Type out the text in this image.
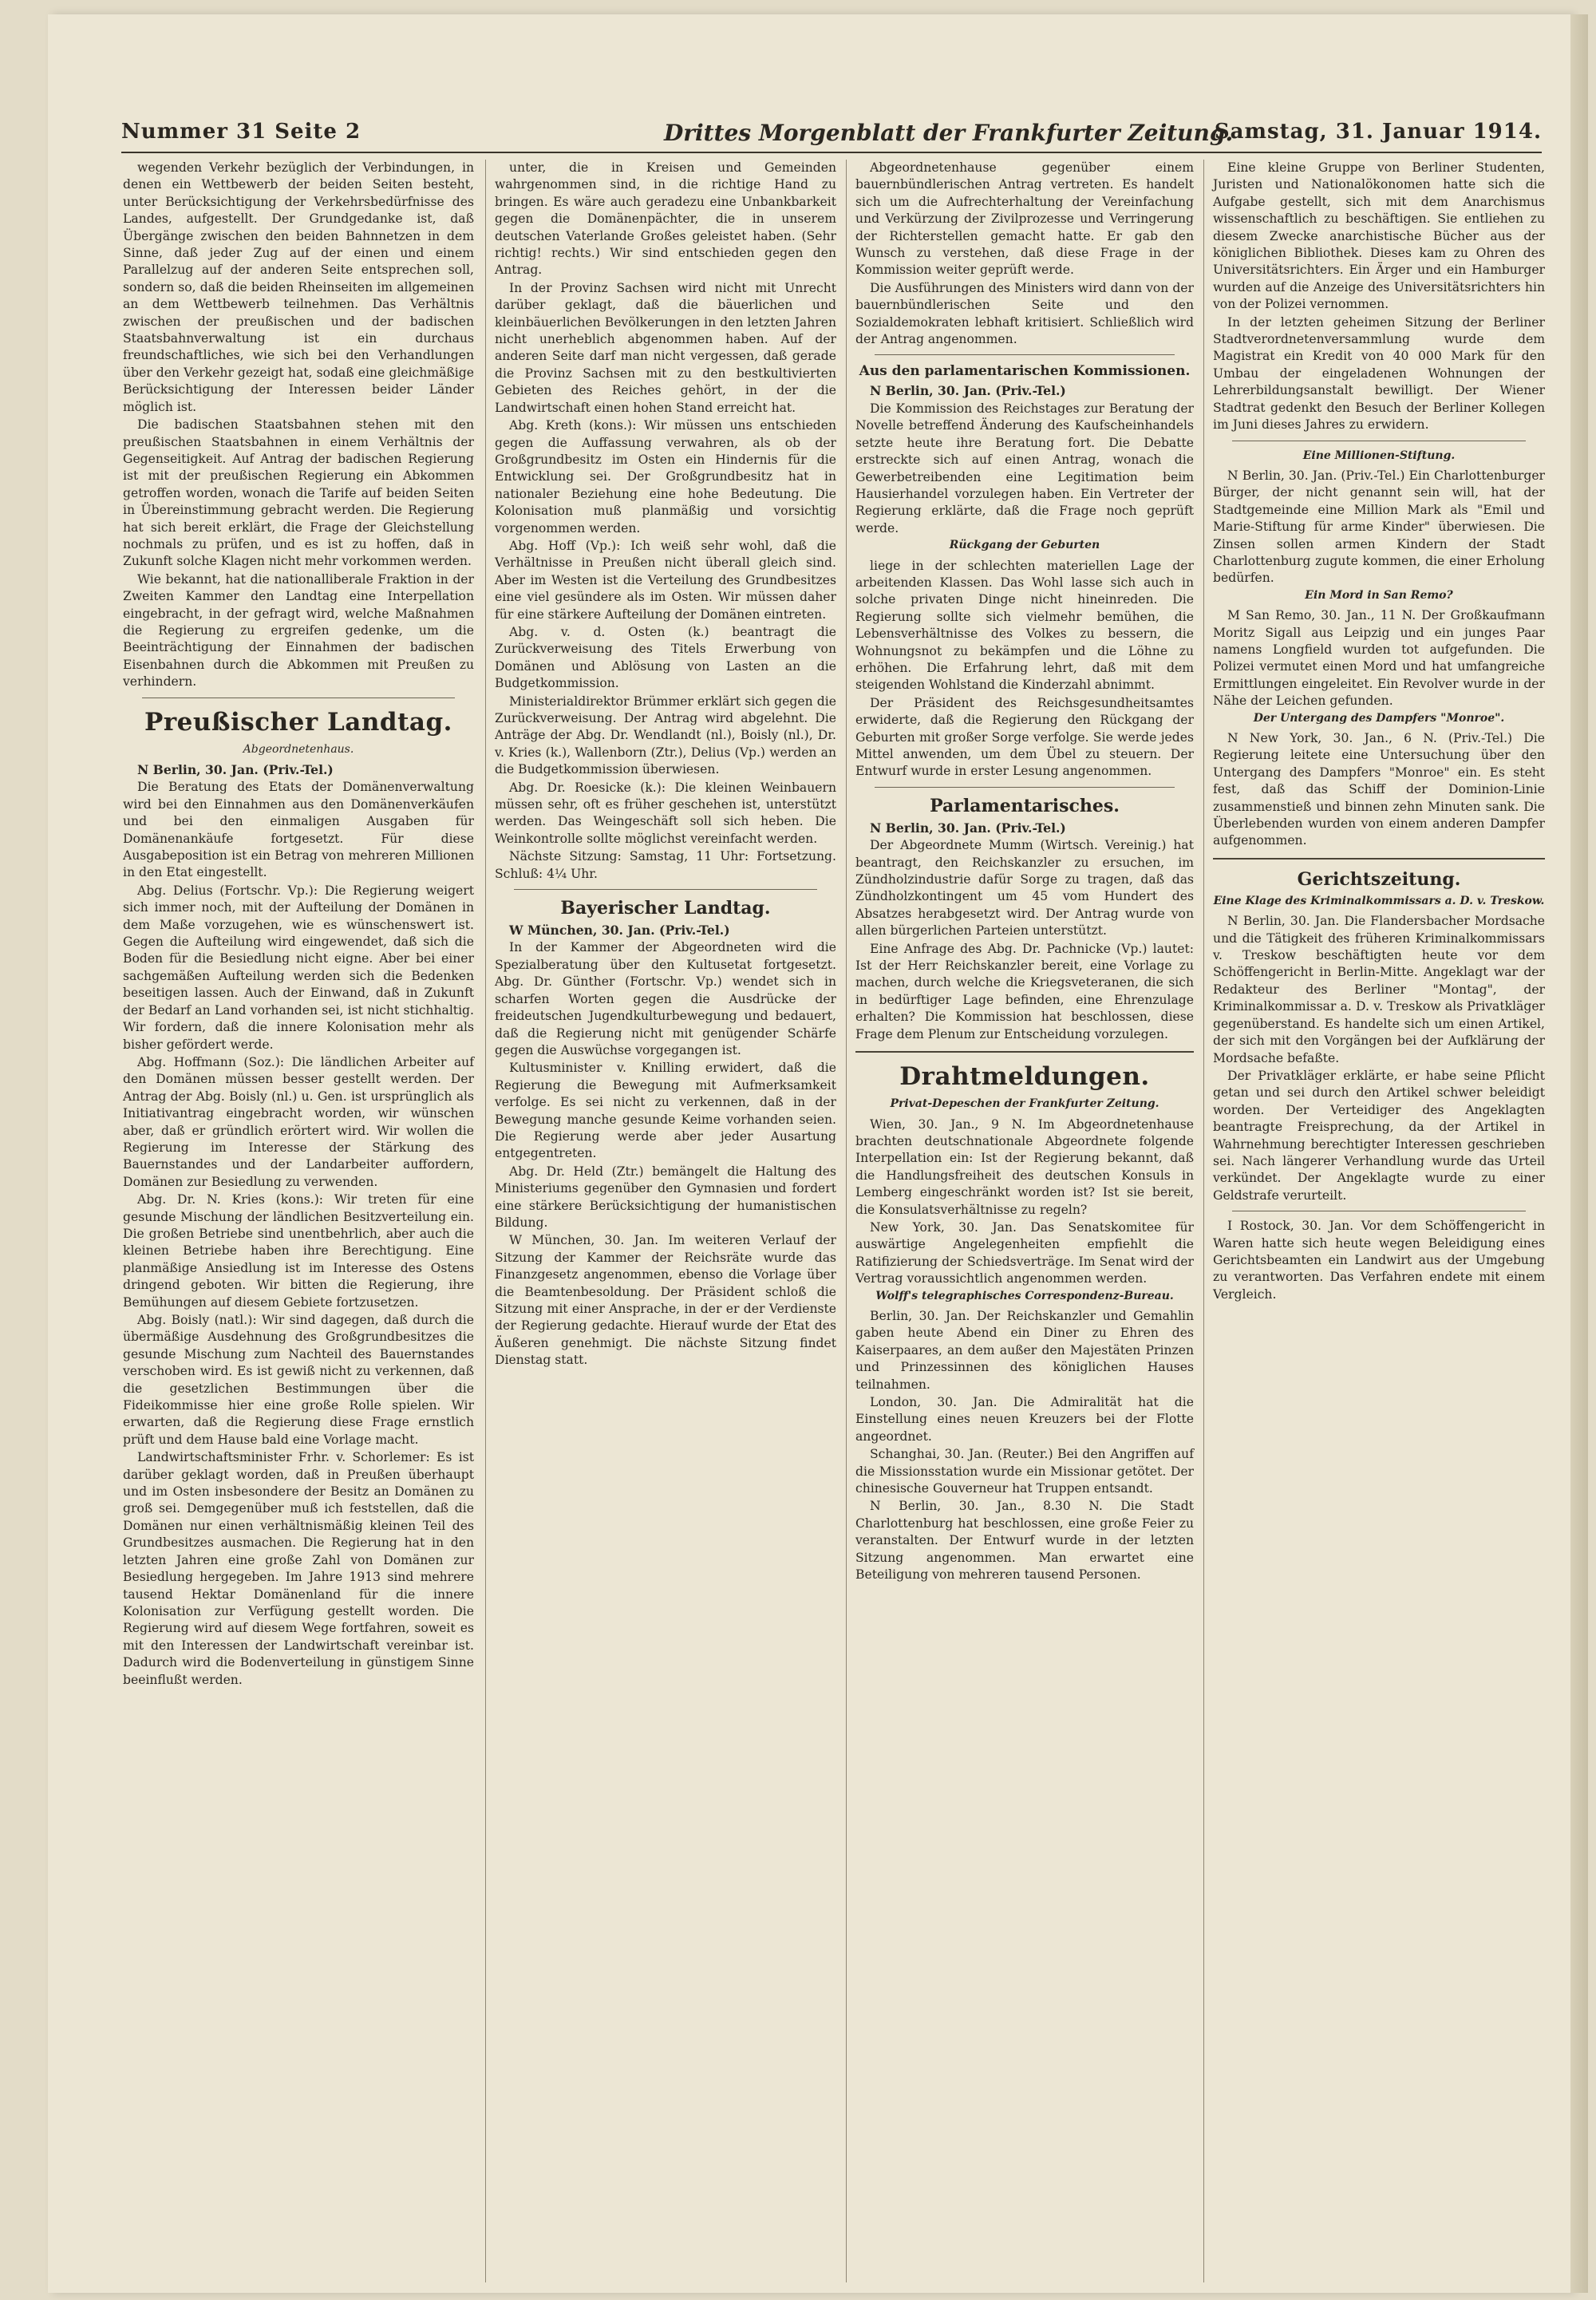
Nummer 31 Seite 2	Drittes Morgenblatt der Frankfurter Zeitung.
Samstag, 31. Januar 1914.

wegenden Verkehr bezüglich der Verbindungen, in denen ein Wettbewerb der beiden Seiten besteht, unter Berücksichtigung der Verkehrsbedürfnisse des Landes, aufgestellt. Der Grundgedanke ist, daß Übergänge zwischen den beiden Bahnnetzen in dem Sinne, daß jeder Zug auf der einen und einem Parallelzug auf der anderen Seite entsprechen soll, sondern so, daß die beiden Rheinseiten im allgemeinen an dem Wettbewerb teilnehmen. Das Verhältnis zwischen der preußischen und der badischen Staatsbahnverwaltung ist ein durchaus freundschaftliches, wie sich bei den Verhandlungen über den Verkehr gezeigt hat, sodaß eine gleichmäßige Berücksichtigung der Interessen beider Länder möglich ist.

Die badischen Staatsbahnen stehen mit den preußischen Staatsbahnen in einem Verhältnis der Gegenseitigkeit. Auf Antrag der badischen Regierung ist mit der preußischen Regierung ein Abkommen getroffen worden, wonach die Tarife auf beiden Seiten in Übereinstimmung gebracht werden. Die Regierung hat sich bereit erklärt, die Frage der Gleichstellung nochmals zu prüfen, und es ist zu hoffen, daß in Zukunft solche Klagen nicht mehr vorkommen werden.

Wie bekannt, hat die nationalliberale Fraktion in der Zweiten Kammer den Landtag eine Interpellation eingebracht, in der gefragt wird, welche Maßnahmen die Regierung zu ergreifen gedenke, um die Beeinträchtigung der Einnahmen der badischen Eisenbahnen durch die Abkommen mit Preußen zu verhindern.

Preußischer Landtag.
Abgeordnetenhaus.

N Berlin, 30. Jan. (Priv.-Tel.)

Die Beratung des Etats der Domänenverwaltung wird bei den Einnahmen aus den Domänenverkäufen und bei den einmaligen Ausgaben für Domänenankäufe fortgesetzt. Für diese Ausgabeposition ist ein Betrag von mehreren Millionen in den Etat eingestellt.

Abg. Delius (Fortschr. Vp.): Die Regierung weigert sich immer noch, mit der Aufteilung der Domänen in dem Maße vorzugehen, wie es wünschenswert ist. Gegen die Aufteilung wird eingewendet, daß sich die Boden für die Besiedlung nicht eigne. Aber bei einer sachgemäßen Aufteilung werden sich die Bedenken beseitigen lassen. Auch der Einwand, daß in Zukunft der Bedarf an Land vorhanden sei, ist nicht stichhaltig. Wir fordern, daß die innere Kolonisation mehr als bisher gefördert werde.

Abg. Hoffmann (Soz.): Die ländlichen Arbeiter auf den Domänen müssen besser gestellt werden. Der Antrag der Abg. Boisly (nl.) u. Gen. ist ursprünglich als Initiativantrag eingebracht worden, wir wünschen aber, daß er gründlich erörtert wird. Wir wollen die Regierung im Interesse der Stärkung des Bauernstandes und der Landarbeiter auffordern, Domänen zur Besiedlung zu verwenden.

Abg. Dr. N. Kries (kons.): Wir treten für eine gesunde Mischung der ländlichen Besitzverteilung ein. Die großen Betriebe sind unentbehrlich, aber auch die kleinen Betriebe haben ihre Berechtigung. Eine planmäßige Ansiedlung ist im Interesse des Ostens dringend geboten. Wir bitten die Regierung, ihre Bemühungen auf diesem Gebiete fortzusetzen.

Abg. Boisly (natl.): Wir sind dagegen, daß durch die übermäßige Ausdehnung des Großgrundbesitzes die gesunde Mischung zum Nachteil des Bauernstandes verschoben wird. Es ist gewiß nicht zu verkennen, daß die gesetzlichen Bestimmungen über die Fideikommisse hier eine große Rolle spielen. Wir erwarten, daß die Regierung diese Frage ernstlich prüft und dem Hause bald eine Vorlage macht.

Landwirtschaftsminister Frhr. v. Schorlemer: Es ist darüber geklagt worden, daß in Preußen überhaupt und im Osten insbesondere der Besitz an Domänen zu groß sei. Demgegenüber muß ich feststellen, daß die Domänen nur einen verhältnismäßig kleinen Teil des Grundbesitzes ausmachen. Die Regierung hat in den letzten Jahren eine große Zahl von Domänen zur Besiedlung hergegeben. Im Jahre 1913 sind mehrere tausend Hektar Domänenland für die innere Kolonisation zur Verfügung gestellt worden. Die Regierung wird auf diesem Wege fortfahren, soweit es mit den Interessen der Landwirtschaft vereinbar ist. Dadurch wird die Bodenverteilung in günstigem Sinne beeinflußt werden.

unter, die in Kreisen und Gemeinden wahrgenommen sind, in die richtige Hand zu bringen. Es wäre auch geradezu eine Unbankbarkeit gegen die Domänenpächter, die in unserem deutschen Vaterlande Großes geleistet haben. (Sehr richtig! rechts.) Wir sind entschieden gegen den Antrag.

In der Provinz Sachsen wird nicht mit Unrecht darüber geklagt, daß die bäuerlichen und kleinbäuerlichen Bevölkerungen in den letzten Jahren nicht unerheblich abgenommen haben. Auf der anderen Seite darf man nicht vergessen, daß gerade die Provinz Sachsen mit zu den bestkultivierten Gebieten des Reiches gehört, in der die Landwirtschaft einen hohen Stand erreicht hat.

Abg. Kreth (kons.): Wir müssen uns entschieden gegen die Auffassung verwahren, als ob der Großgrundbesitz im Osten ein Hindernis für die Entwicklung sei. Der Großgrundbesitz hat in nationaler Beziehung eine hohe Bedeutung. Die Kolonisation muß planmäßig und vorsichtig vorgenommen werden.

Abg. Hoff (Vp.): Ich weiß sehr wohl, daß die Verhältnisse in Preußen nicht überall gleich sind. Aber im Westen ist die Verteilung des Grundbesitzes eine viel gesündere als im Osten. Wir müssen daher für eine stärkere Aufteilung der Domänen eintreten.

Abg. v. d. Osten (k.) beantragt die Zurückverweisung des Titels Erwerbung von Domänen und Ablösung von Lasten an die Budgetkommission.

Ministerialdirektor Brümmer erklärt sich gegen die Zurückverweisung. Der Antrag wird abgelehnt. Die Anträge der Abg. Dr. Wendlandt (nl.), Boisly (nl.), Dr. v. Kries (k.), Wallenborn (Ztr.), Delius (Vp.) werden an die Budgetkommission überwiesen.

Abg. Dr. Roesicke (k.): Die kleinen Weinbauern müssen sehr, oft es früher geschehen ist, unterstützt werden. Das Weingeschäft soll sich heben. Die Weinkontrolle sollte möglichst vereinfacht werden.

Nächste Sitzung: Samstag, 11 Uhr: Fortsetzung. Schluß: 4¼ Uhr.

Bayerischer Landtag.

W München, 30. Jan. (Priv.-Tel.)

In der Kammer der Abgeordneten wird die Spezialberatung über den Kultusetat fortgesetzt. Abg. Dr. Günther (Fortschr. Vp.) wendet sich in scharfen Worten gegen die Ausdrücke der freideutschen Jugendkulturbewegung und bedauert, daß die Regierung nicht mit genügender Schärfe gegen die Auswüchse vorgegangen ist.

Kultusminister v. Knilling erwidert, daß die Regierung die Bewegung mit Aufmerksamkeit verfolge. Es sei nicht zu verkennen, daß in der Bewegung manche gesunde Keime vorhanden seien. Die Regierung werde aber jeder Ausartung entgegentreten.

Abg. Dr. Held (Ztr.) bemängelt die Haltung des Ministeriums gegenüber den Gymnasien und fordert eine stärkere Berücksichtigung der humanistischen Bildung.

W München, 30. Jan. Im weiteren Verlauf der Sitzung der Kammer der Reichsräte wurde das Finanzgesetz angenommen, ebenso die Vorlage über die Beamtenbesoldung. Der Präsident schloß die Sitzung mit einer Ansprache, in der er der Verdienste der Regierung gedachte. Hierauf wurde der Etat des Äußeren genehmigt. Die nächste Sitzung findet Dienstag statt.

Abgeordnetenhause gegenüber einem bauernbündlerischen Antrag vertreten. Es handelt sich um die Aufrechterhaltung der Vereinfachung und Verkürzung der Zivilprozesse und Verringerung der Richterstellen gemacht hatte. Er gab den Wunsch zu verstehen, daß diese Frage in der Kommission weiter geprüft werde.

Die Ausführungen des Ministers wird dann von der bauernbündlerischen Seite und den Sozialdemokraten lebhaft kritisiert. Schließlich wird der Antrag angenommen.

Aus den parlamentarischen Kommissionen.

N Berlin, 30. Jan. (Priv.-Tel.)

Die Kommission des Reichstages zur Beratung der Novelle betreffend Änderung des Kaufscheinhandels setzte heute ihre Beratung fort. Die Debatte erstreckte sich auf einen Antrag, wonach die Gewerbetreibenden eine Legitimation beim Hausierhandel vorzulegen haben. Ein Vertreter der Regierung erklärte, daß die Frage noch geprüft werde.

Rückgang der Geburten

liege in der schlechten materiellen Lage der arbeitenden Klassen. Das Wohl lasse sich auch in solche privaten Dinge nicht hineinreden. Die Regierung sollte sich vielmehr bemühen, die Lebensverhältnisse des Volkes zu bessern, die Wohnungsnot zu bekämpfen und die Löhne zu erhöhen. Die Erfahrung lehrt, daß mit dem steigenden Wohlstand die Kinderzahl abnimmt.

Der Präsident des Reichsgesundheitsamtes erwiderte, daß die Regierung den Rückgang der Geburten mit großer Sorge verfolge. Sie werde jedes Mittel anwenden, um dem Übel zu steuern. Der Entwurf wurde in erster Lesung angenommen.

Parlamentarisches.

N Berlin, 30. Jan. (Priv.-Tel.)

Der Abgeordnete Mumm (Wirtsch. Vereinig.) hat beantragt, den Reichskanzler zu ersuchen, im Zündholzindustrie dafür Sorge zu tragen, daß das Zündholzkontingent um 45 vom Hundert des Absatzes herabgesetzt wird. Der Antrag wurde von allen bürgerlichen Parteien unterstützt.

Eine Anfrage des Abg. Dr. Pachnicke (Vp.) lautet: Ist der Herr Reichskanzler bereit, eine Vorlage zu machen, durch welche die Kriegsveteranen, die sich in bedürftiger Lage befinden, eine Ehrenzulage erhalten? Die Kommission hat beschlossen, diese Frage dem Plenum zur Entscheidung vorzulegen.

Drahtmeldungen.
Privat-Depeschen der Frankfurter Zeitung.

Wien, 30. Jan., 9 N. Im Abgeordnetenhause brachten deutschnationale Abgeordnete folgende Interpellation ein: Ist der Regierung bekannt, daß die Handlungsfreiheit des deutschen Konsuls in Lemberg eingeschränkt worden ist? Ist sie bereit, die Konsulatsverhältnisse zu regeln?

New York, 30. Jan. Das Senatskomitee für auswärtige Angelegenheiten empfiehlt die Ratifizierung der Schiedsverträge. Im Senat wird der Vertrag voraussichtlich angenommen werden.

Wolff's telegraphisches Correspondenz-Bureau.

Berlin, 30. Jan. Der Reichskanzler und Gemahlin gaben heute Abend ein Diner zu Ehren des Kaiserpaares, an dem außer den Majestäten Prinzen und Prinzessinnen des königlichen Hauses teilnahmen.

London, 30. Jan. Die Admiralität hat die Einstellung eines neuen Kreuzers bei der Flotte angeordnet.

Schanghai, 30. Jan. (Reuter.) Bei den Angriffen auf die Missionsstation wurde ein Missionar getötet. Der chinesische Gouverneur hat Truppen entsandt.

N Berlin, 30. Jan., 8.30 N. Die Stadt Charlottenburg hat beschlossen, eine große Feier zu veranstalten. Der Entwurf wurde in der letzten Sitzung angenommen. Man erwartet eine Beteiligung von mehreren tausend Personen.

Eine kleine Gruppe von Berliner Studenten, Juristen und Nationalökonomen hatte sich die Aufgabe gestellt, sich mit dem Anarchismus wissenschaftlich zu beschäftigen. Sie entliehen zu diesem Zwecke anarchistische Bücher aus der königlichen Bibliothek. Dieses kam zu Ohren des Universitätsrichters. Ein Ärger und ein Hamburger wurden auf die Anzeige des Universitätsrichters hin von der Polizei vernommen.

In der letzten geheimen Sitzung der Berliner Stadtverordnetenversammlung wurde dem Magistrat ein Kredit von 40 000 Mark für den Umbau der eingeladenen Wohnungen der Lehrerbildungsanstalt bewilligt. Der Wiener Stadtrat gedenkt den Besuch der Berliner Kollegen im Juni dieses Jahres zu erwidern.

Eine Millionen-Stiftung.

N Berlin, 30. Jan. (Priv.-Tel.) Ein Charlottenburger Bürger, der nicht genannt sein will, hat der Stadtgemeinde eine Million Mark als "Emil und Marie-Stiftung für arme Kinder" überwiesen. Die Zinsen sollen armen Kindern der Stadt Charlottenburg zugute kommen, die einer Erholung bedürfen.

Ein Mord in San Remo?

M San Remo, 30. Jan., 11 N. Der Großkaufmann Moritz Sigall aus Leipzig und ein junges Paar namens Longfield wurden tot aufgefunden. Die Polizei vermutet einen Mord und hat umfangreiche Ermittlungen eingeleitet. Ein Revolver wurde in der Nähe der Leichen gefunden.

Der Untergang des Dampfers "Monroe".

N New York, 30. Jan., 6 N. (Priv.-Tel.) Die Regierung leitete eine Untersuchung über den Untergang des Dampfers "Monroe" ein. Es steht fest, daß das Schiff der Dominion-Linie zusammenstieß und binnen zehn Minuten sank. Die Überlebenden wurden von einem anderen Dampfer aufgenommen.

Gerichtszeitung.
Eine Klage des Kriminalkommissars a. D. v. Treskow.

N Berlin, 30. Jan. Die Flandersbacher Mordsache und die Tätigkeit des früheren Kriminalkommissars v. Treskow beschäftigten heute vor dem Schöffengericht in Berlin-Mitte. Angeklagt war der Redakteur des Berliner "Montag", der Kriminalkommissar a. D. v. Treskow als Privatkläger gegenüberstand. Es handelte sich um einen Artikel, der sich mit den Vorgängen bei der Aufklärung der Mordsache befaßte.

Der Privatkläger erklärte, er habe seine Pflicht getan und sei durch den Artikel schwer beleidigt worden. Der Verteidiger des Angeklagten beantragte Freisprechung, da der Artikel in Wahrnehmung berechtigter Interessen geschrieben sei. Nach längerer Verhandlung wurde das Urteil verkündet. Der Angeklagte wurde zu einer Geldstrafe verurteilt.

I Rostock, 30. Jan. Vor dem Schöffengericht in Waren hatte sich heute wegen Beleidigung eines Gerichtsbeamten ein Landwirt aus der Umgebung zu verantworten. Das Verfahren endete mit einem Vergleich.
